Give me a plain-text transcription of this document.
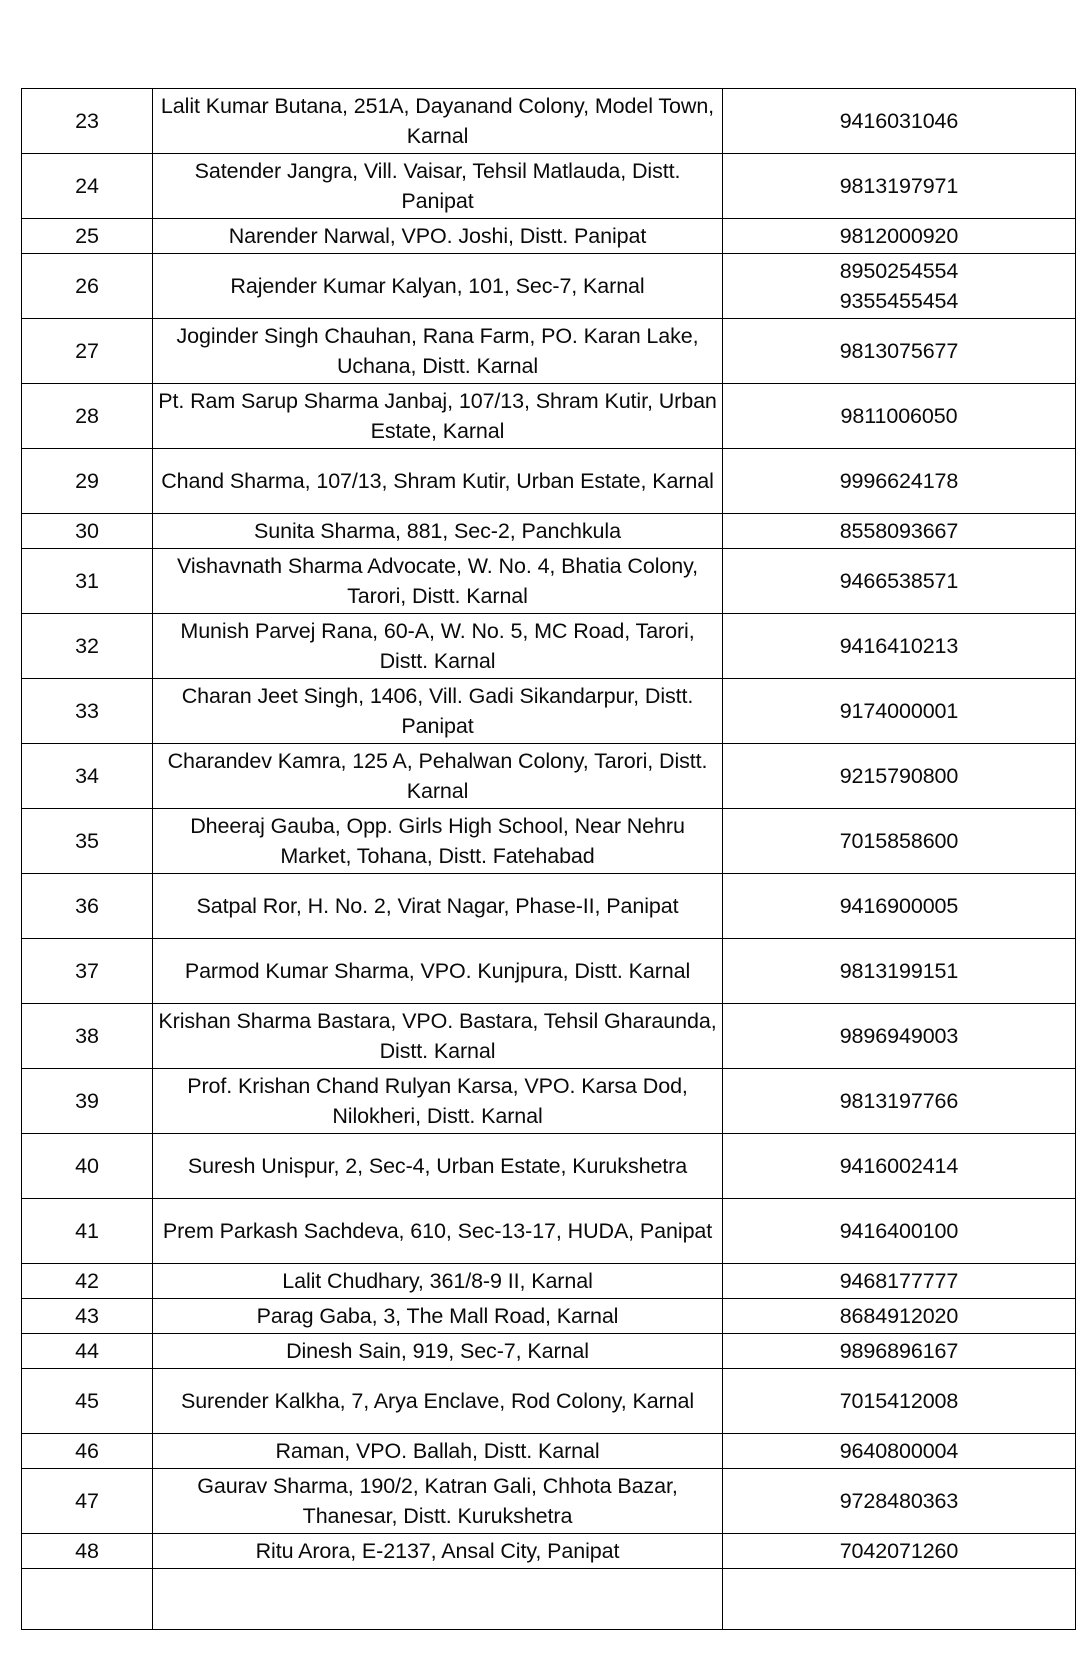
23	Lalit Kumar Butana, 251A, Dayanand Colony, Model Town, Karnal	9416031046

24	Satender Jangra, Vill. Vaisar, Tehsil Matlauda, Distt. Panipat	9813197971

25	Narender Narwal, VPO. Joshi, Distt. Panipat	9812000920

26	Rajender Kumar Kalyan, 101, Sec-7, Karnal	8950254554
9355455454

27	Joginder Singh Chauhan, Rana Farm, PO. Karan Lake, Uchana, Distt. Karnal	9813075677

28	Pt. Ram Sarup Sharma Janbaj, 107/13, Shram Kutir, Urban Estate, Karnal	9811006050

29	Chand Sharma, 107/13, Shram Kutir, Urban Estate, Karnal	9996624178

30	Sunita Sharma, 881, Sec-2, Panchkula	8558093667

31	Vishavnath Sharma Advocate, W. No. 4, Bhatia Colony, Tarori, Distt. Karnal	9466538571

32	Munish Parvej Rana, 60-A, W. No. 5, MC Road, Tarori, Distt. Karnal	9416410213

33	Charan Jeet Singh, 1406, Vill. Gadi Sikandarpur, Distt. Panipat	9174000001

34	Charandev Kamra, 125 A, Pehalwan Colony, Tarori, Distt. Karnal	9215790800

35	Dheeraj Gauba, Opp. Girls High School, Near Nehru Market, Tohana, Distt. Fatehabad	7015858600

36	Satpal Ror, H. No. 2, Virat Nagar, Phase-II, Panipat	9416900005

37	Parmod Kumar Sharma, VPO. Kunjpura, Distt. Karnal	9813199151

38	Krishan Sharma Bastara, VPO. Bastara, Tehsil Gharaunda, Distt. Karnal	9896949003

39	Prof. Krishan Chand Rulyan Karsa, VPO. Karsa Dod, Nilokheri, Distt. Karnal	9813197766

40	Suresh Unispur, 2, Sec-4, Urban Estate, Kurukshetra	9416002414

41	Prem Parkash Sachdeva, 610, Sec-13-17, HUDA, Panipat	9416400100

42	Lalit Chudhary, 361/8-9 II, Karnal	9468177777

43	Parag Gaba, 3, The Mall Road, Karnal	8684912020

44	Dinesh Sain, 919, Sec-7, Karnal	9896896167

45	Surender Kalkha, 7, Arya Enclave, Rod Colony, Karnal	7015412008

46	Raman, VPO. Ballah, Distt. Karnal	9640800004

47	Gaurav Sharma, 190/2, Katran Gali, Chhota Bazar, Thanesar, Distt. Kurukshetra	9728480363

48	Ritu Arora, E-2137, Ansal City, Panipat	7042071260
